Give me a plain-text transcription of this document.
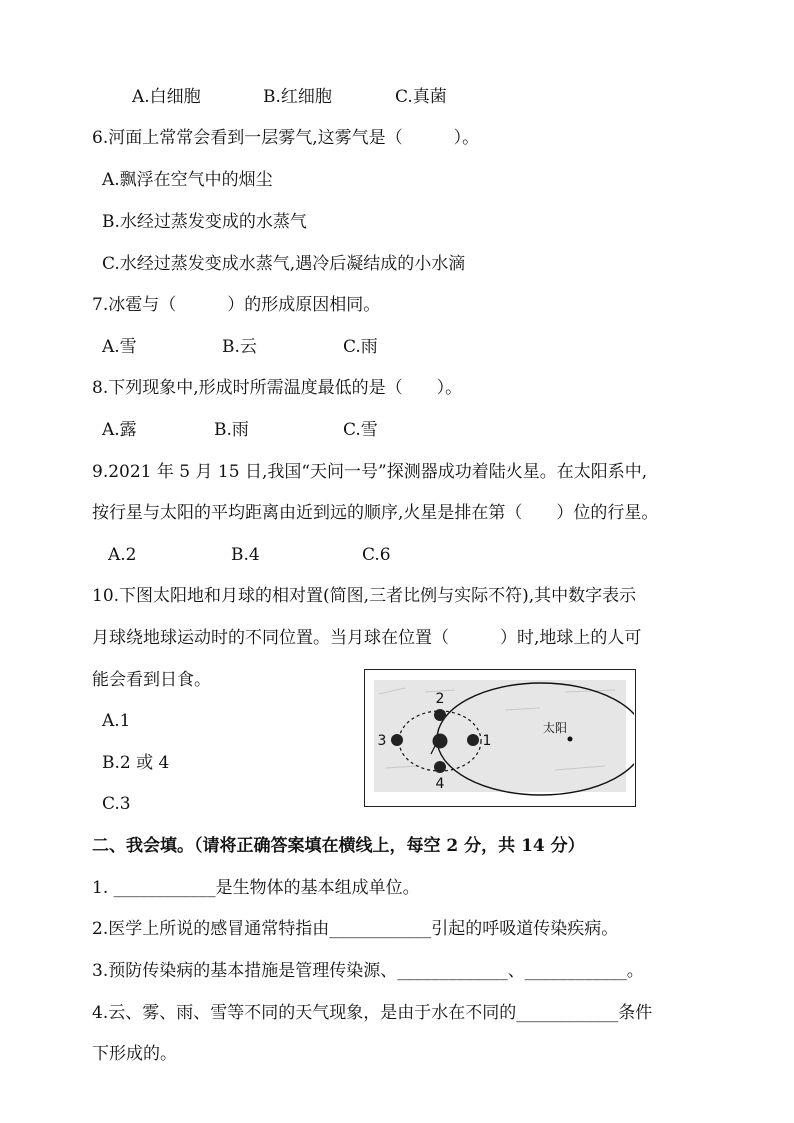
A.白细胞	B.红细胞	C.真菌
6.河面上常常会看到一层雾气,这雾气是（　　　）。
A.飘浮在空气中的烟尘
B.水经过蒸发变成的水蒸气
C.水经过蒸发变成水蒸气,遇冷后凝结成的小水滴
7.冰雹与（　　　）的形成原因相同。
A.雪	B.云	C.雨
8.下列现象中,形成时所需温度最低的是（　　）。
A.露	B.雨	C.雪
9.2021 年 5 月 15 日,我国“天问一号”探测器成功着陆火星。在太阳系中,
按行星与太阳的平均距离由近到远的顺序,火星是排在第（　　）位的行星。
A.2	B.4	C.6
10.下图太阳地和月球的相对置(简图,三者比例与实际不符),其中数字表示
月球绕地球运动时的不同位置。当月球在位置（　　　）时,地球上的人可
能会看到日食。
A.1
B.2 或 4
C.3
太阳
1
2
3
4
二、我会填。（请将正确答案填在横线上，每空 2 分，共 14 分）
1. ____________是生物体的基本组成单位。
2.医学上所说的感冒通常特指由____________引起的呼吸道传染疾病。
3.预防传染病的基本措施是管理传染源、_____________、____________。
4.云、雾、雨、雪等不同的天气现象，是由于水在不同的____________条件
下形成的。
